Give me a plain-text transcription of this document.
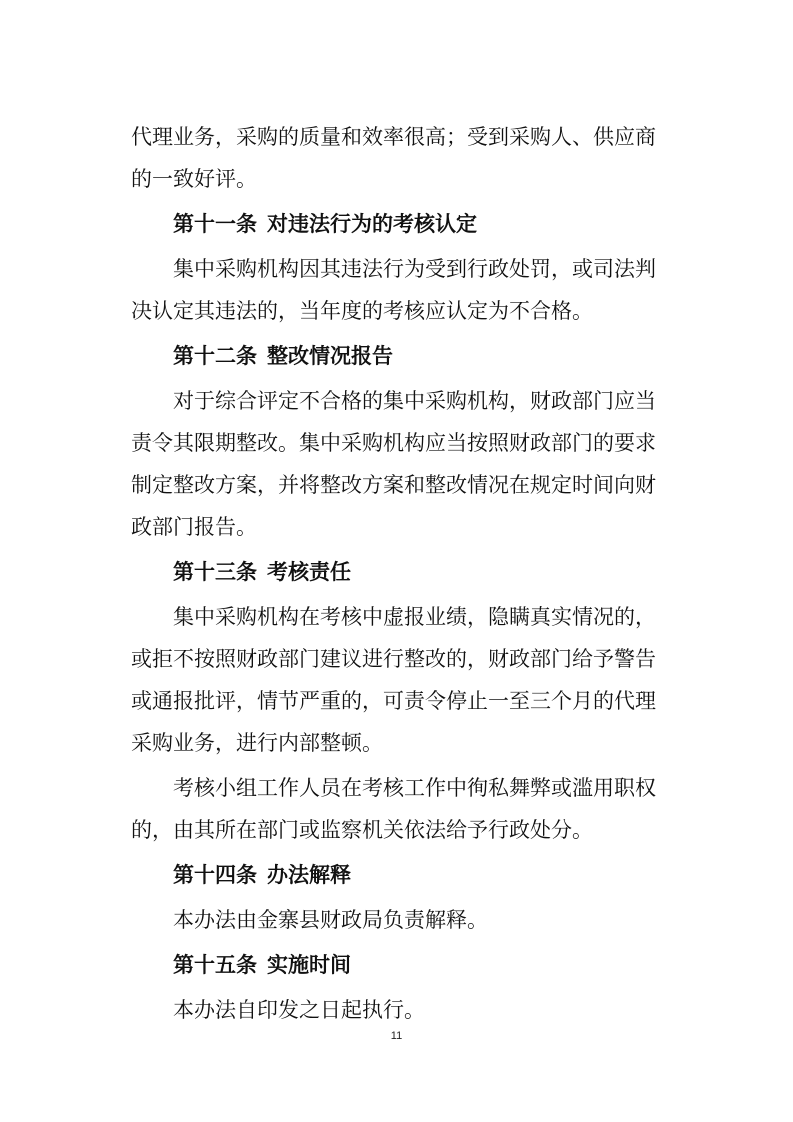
代理业务，采购的质量和效率很高；受到采购人、供应商
的一致好评。

第十一条 对违法行为的考核认定

集中采购机构因其违法行为受到行政处罚，或司法判
决认定其违法的，当年度的考核应认定为不合格。

第十二条 整改情况报告

对于综合评定不合格的集中采购机构，财政部门应当
责令其限期整改。集中采购机构应当按照财政部门的要求
制定整改方案，并将整改方案和整改情况在规定时间向财
政部门报告。

第十三条 考核责任

集中采购机构在考核中虚报业绩，隐瞒真实情况的，
或拒不按照财政部门建议进行整改的，财政部门给予警告
或通报批评，情节严重的，可责令停止一至三个月的代理
采购业务，进行内部整顿。

考核小组工作人员在考核工作中徇私舞弊或滥用职权
的，由其所在部门或监察机关依法给予行政处分。

第十四条 办法解释

本办法由金寨县财政局负责解释。

第十五条 实施时间

本办法自印发之日起执行。

11
